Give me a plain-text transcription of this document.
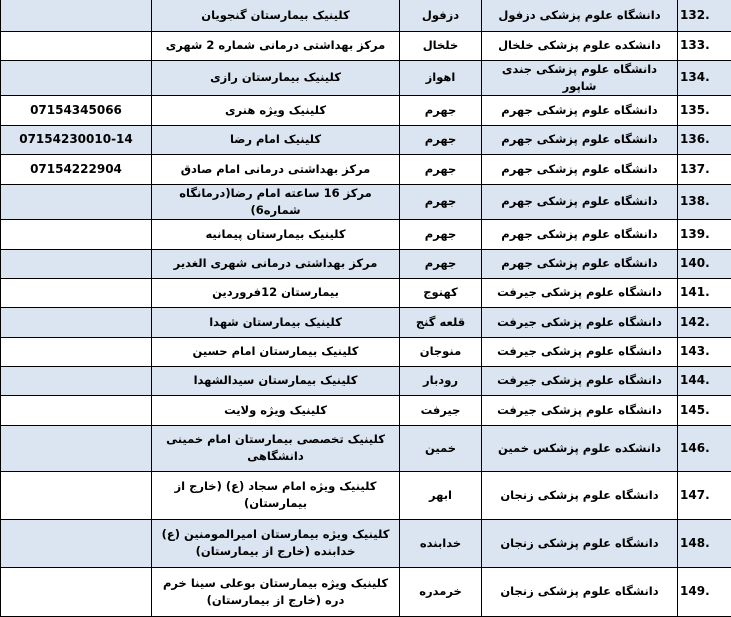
.132	دانشگاه علوم پزشکی دزفول	دزفول	کلینیک بیمارستان گنجویان	
.133	دانشکده علوم پزشکی خلخال	خلخال	مرکز بهداشتی درمانی شماره 2 شهری	
.134	دانشگاه علوم پزشکی جندی شاپور	اهواز	کلینیک بیمارستان رازی	
.135	دانشگاه علوم پزشکی جهرم	جهرم	کلینیک ویژه هنری	07154345066
.136	دانشگاه علوم پزشکی جهرم	جهرم	کلینیک امام رضا	07154230010-14
.137	دانشگاه علوم پزشکی جهرم	جهرم	مرکز بهداشتی درمانی امام صادق	07154222904
.138	دانشگاه علوم پزشکی جهرم	جهرم	مرکز 16 ساعته امام رضا(درمانگاه شماره6)	
.139	دانشگاه علوم پزشکی جهرم	جهرم	کلینیک بیمارستان پیمانیه	
.140	دانشگاه علوم پزشکی جهرم	جهرم	مرکز بهداشتی درمانی شهری الغدیر	
.141	دانشگاه علوم پزشکی جیرفت	کهنوج	بیمارستان 12فروردین	
.142	دانشگاه علوم پزشکی جیرفت	قلعه گنج	کلینیک بیمارستان شهدا	
.143	دانشگاه علوم پزشکی جیرفت	منوجان	کلینیک بیمارستان امام حسین	
.144	دانشگاه علوم پزشکی جیرفت	رودبار	کلینیک بیمارستان سیدالشهدا	
.145	دانشگاه علوم پزشکی جیرفت	جیرفت	کلینیک ویژه ولایت	
.146	دانشکده علوم پزشکس خمین	خمین	کلینیک تخصصی بیمارستان امام خمینی دانشگاهی	
.147	دانشگاه علوم پزشکی زنجان	ابهر	کلینیک ویژه امام سجاد (ع) (خارج از بیمارستان)	
.148	دانشگاه علوم پزشکی زنجان	خدابنده	کلینیک ویژه بیمارستان امیرالمومنین (ع) خدابنده (خارج از بیمارستان)	
.149	دانشگاه علوم پزشکی زنجان	خرمدره	کلینیک ویژه بیمارستان بوعلی سینا خرم دره (خارج از بیمارستان)	
